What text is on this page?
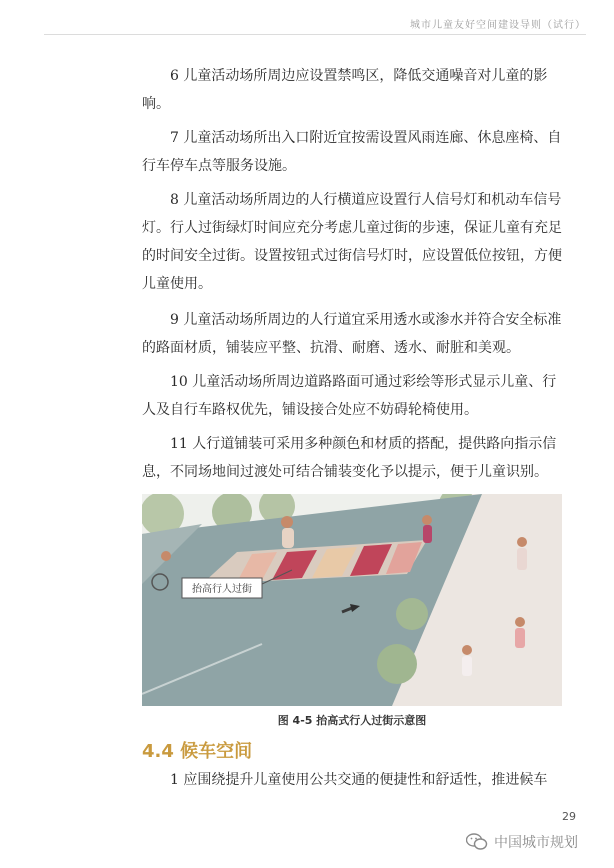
城市儿童友好空间建设导则（试行）

6 儿童活动场所周边应设置禁鸣区，降低交通噪音对儿童的影响。

7 儿童活动场所出入口附近宜按需设置风雨连廊、休息座椅、自行车停车点等服务设施。

8 儿童活动场所周边的人行横道应设置行人信号灯和机动车信号灯。行人过街绿灯时间应充分考虑儿童过街的步速，保证儿童有充足的时间安全过街。设置按钮式过街信号灯时，应设置低位按钮，方便儿童使用。

9 儿童活动场所周边的人行道宜采用透水或渗水并符合安全标准的路面材质，铺装应平整、抗滑、耐磨、透水、耐脏和美观。

10 儿童活动场所周边道路路面可通过彩绘等形式显示儿童、行人及自行车路权优先，铺设接合处应不妨碍轮椅使用。

11 人行道铺装可采用多种颜色和材质的搭配，提供路向指示信息，不同场地间过渡处可结合铺装变化予以提示，便于儿童识别。

抬高行人过街
图 4-5 抬高式行人过街示意图
4.4 候车空间

1 应围绕提升儿童使用公共交通的便捷性和舒适性，推进候车

29
中国城市规划
